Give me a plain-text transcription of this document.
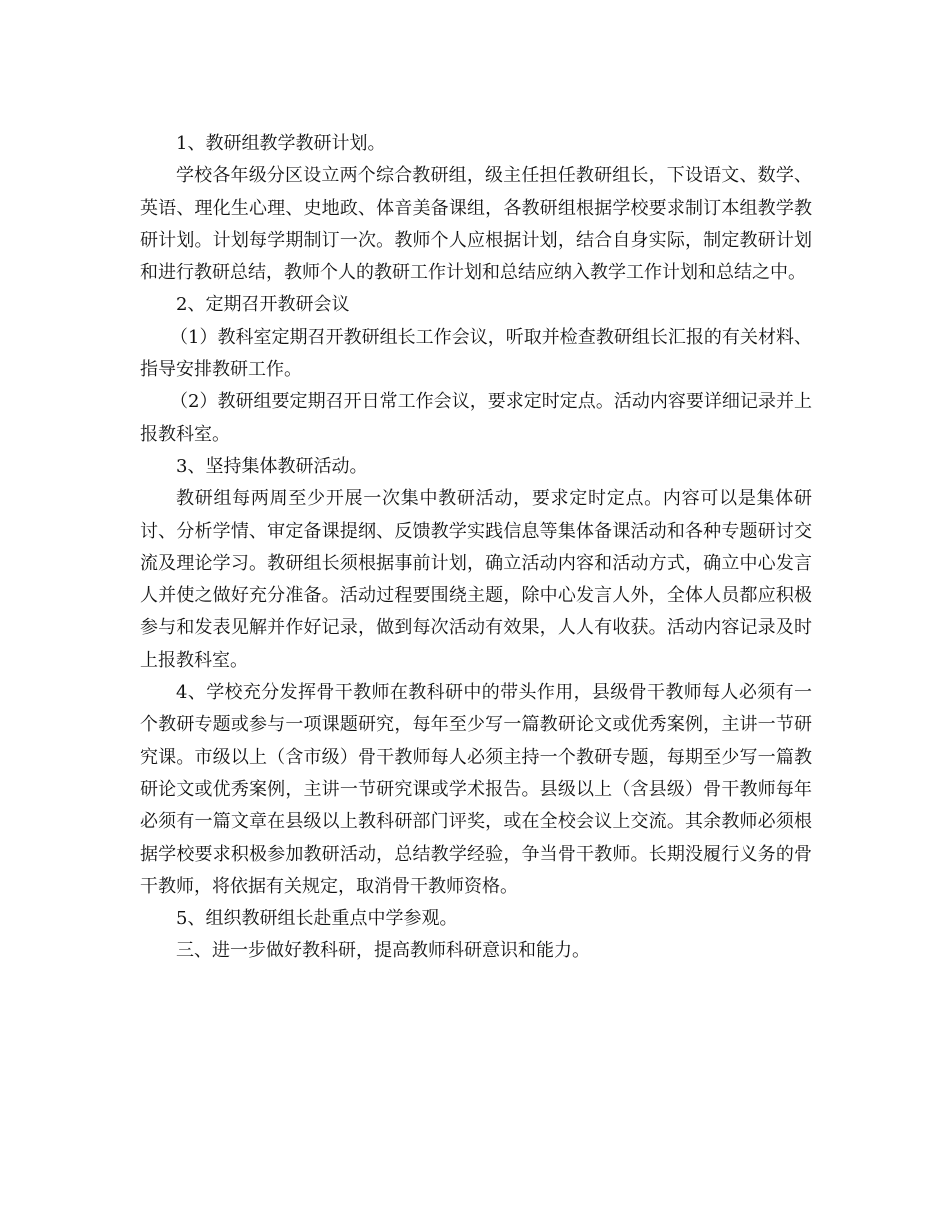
1、教研组教学教研计划。

学校各年级分区设立两个综合教研组，级主任担任教研组长，下设语文、数学、英语、理化生心理、史地政、体音美备课组，各教研组根据学校要求制订本组教学教研计划。计划每学期制订一次。教师个人应根据计划，结合自身实际，制定教研计划和进行教研总结，教师个人的教研工作计划和总结应纳入教学工作计划和总结之中。

2、定期召开教研会议

（1）教科室定期召开教研组长工作会议，听取并检查教研组长汇报的有关材料、指导安排教研工作。

（2）教研组要定期召开日常工作会议，要求定时定点。活动内容要详细记录并上报教科室。

3、坚持集体教研活动。

教研组每两周至少开展一次集中教研活动，要求定时定点。内容可以是集体研讨、分析学情、审定备课提纲、反馈教学实践信息等集体备课活动和各种专题研讨交流及理论学习。教研组长须根据事前计划，确立活动内容和活动方式，确立中心发言人并使之做好充分准备。活动过程要围绕主题，除中心发言人外，全体人员都应积极参与和发表见解并作好记录，做到每次活动有效果，人人有收获。活动内容记录及时上报教科室。

4、学校充分发挥骨干教师在教科研中的带头作用，县级骨干教师每人必须有一个教研专题或参与一项课题研究，每年至少写一篇教研论文或优秀案例，主讲一节研究课。市级以上（含市级）骨干教师每人必须主持一个教研专题，每期至少写一篇教研论文或优秀案例，主讲一节研究课或学术报告。县级以上（含县级）骨干教师每年必须有一篇文章在县级以上教科研部门评奖，或在全校会议上交流。其余教师必须根据学校要求积极参加教研活动，总结教学经验，争当骨干教师。长期没履行义务的骨干教师，将依据有关规定，取消骨干教师资格。

5、组织教研组长赴重点中学参观。

三、进一步做好教科研，提高教师科研意识和能力。
